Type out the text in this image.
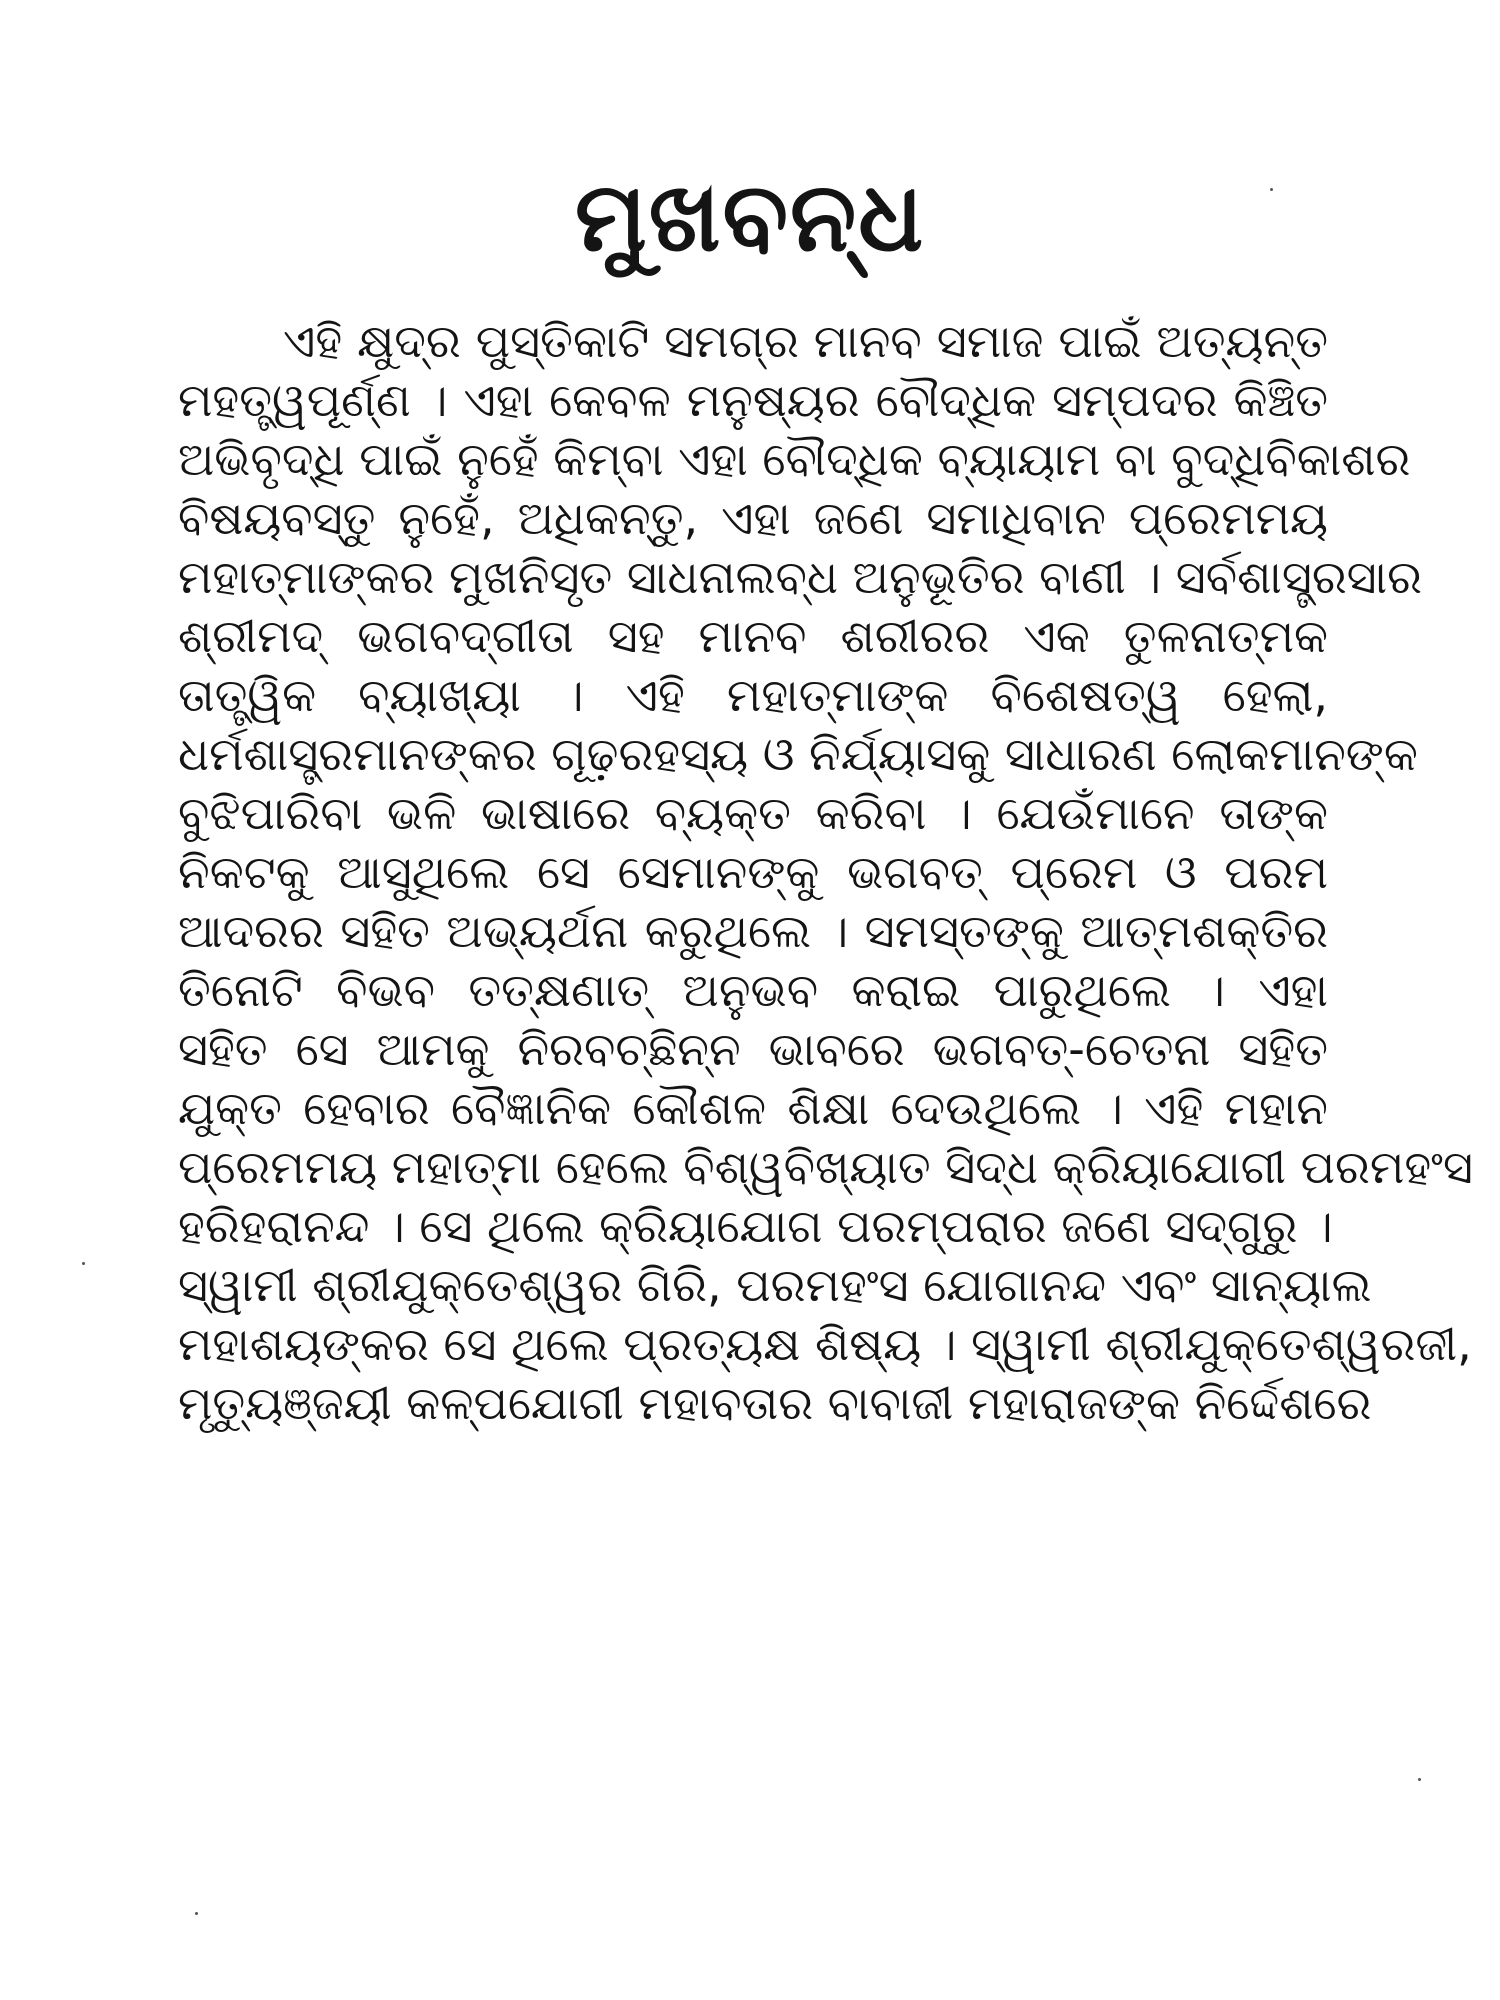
ମୁଖବନ୍ଧ
ଏହି କ୍ଷୁଦ୍ର ପୁସ୍ତିକାଟି ସମଗ୍ର ମାନବ ସମାଜ ପାଇଁ ଅତ୍ୟନ୍ତ
ମହତ୍ତ୍ୱପୂର୍ଣ୍ଣ । ଏହା କେବଳ ମନୁଷ୍ୟର ବୌଦ୍ଧିକ ସମ୍ପଦର କିଞ୍ଚିତ
ଅଭିବୃଦ୍ଧି ପାଇଁ ନୁହେଁ କିମ୍ବା ଏହା ବୌଦ୍ଧିକ ବ୍ୟାୟାମ ବା ବୁଦ୍ଧିବିକାଶର
ବିଷୟବସ୍ତୁ ନୁହେଁ, ଅଧିକନ୍ତୁ, ଏହା ଜଣେ ସମାଧିବାନ ପ୍ରେମମୟ
ମହାତ୍ମାଙ୍କର ମୁଖନିସୃତ ସାଧନାଲବ୍ଧ ଅନୁଭୂତିର ବାଣୀ । ସର୍ବଶାସ୍ତ୍ରସାର
ଶ୍ରୀମଦ୍ ଭଗବଦ୍‌ଗୀତା ସହ ମାନବ ଶରୀରର ଏକ ତୁଳନାତ୍ମକ
ତାତ୍ତ୍ୱିକ ବ୍ୟାଖ୍ୟା । ଏହି ମହାତ୍ମାଙ୍କ ବିଶେଷତ୍ୱ ହେଲା,
ଧର୍ମଶାସ୍ତ୍ରମାନଙ୍କର ଗୂଢ଼ରହସ୍ୟ ଓ ନିର୍ଯ୍ୟାସକୁ ସାଧାରଣ ଲୋକମାନଙ୍କ
ବୁଝିପାରିବା ଭଳି ଭାଷାରେ ବ୍ୟକ୍ତ କରିବା । ଯେଉଁମାନେ ତାଙ୍କ
ନିକଟକୁ ଆସୁଥିଲେ ସେ ସେମାନଙ୍କୁ ଭଗବତ୍ ପ୍ରେମ ଓ ପରମ
ଆଦରର ସହିତ ଅଭ୍ୟର୍ଥନା କରୁଥିଲେ । ସମସ୍ତଙ୍କୁ ଆତ୍ମଶକ୍ତିର
ତିନୋଟି ବିଭବ ତତ୍‌କ୍ଷଣାତ୍ ଅନୁଭବ କରାଇ ପାରୁଥିଲେ । ଏହା
ସହିତ ସେ ଆମକୁ ନିରବଚ୍ଛିନ୍ନ ଭାବରେ ଭଗବତ୍-ଚେତନା ସହିତ
ଯୁକ୍ତ ହେବାର ବୈଜ୍ଞାନିକ କୌଶଳ ଶିକ୍ଷା ଦେଉଥିଲେ । ଏହି ମହାନ
ପ୍ରେମମୟ ମହାତ୍ମା ହେଲେ ବିଶ୍ୱବିଖ୍ୟାତ ସିଦ୍ଧ କ୍ରିୟାଯୋଗୀ ପରମହଂସ
ହରିହରାନନ୍ଦ । ସେ ଥିଲେ କ୍ରିୟାଯୋଗ ପରମ୍ପରାର ଜଣେ ସଦ୍‌ଗୁରୁ ।
ସ୍ୱାମୀ ଶ୍ରୀଯୁକ୍ତେଶ୍ୱର ଗିରି, ପରମହଂସ ଯୋଗାନନ୍ଦ ଏବଂ ସାନ୍ୟାଲ
ମହାଶୟଙ୍କର ସେ ଥିଲେ ପ୍ରତ୍ୟକ୍ଷ ଶିଷ୍ୟ । ସ୍ୱାମୀ ଶ୍ରୀଯୁକ୍ତେଶ୍ୱରଜୀ,
ମୃତ୍ୟୁଞ୍ଜୟୀ କଳ୍ପଯୋଗୀ ମହାବତାର ବାବାଜୀ ମହାରାଜଙ୍କ ନିର୍ଦ୍ଦେଶରେ
